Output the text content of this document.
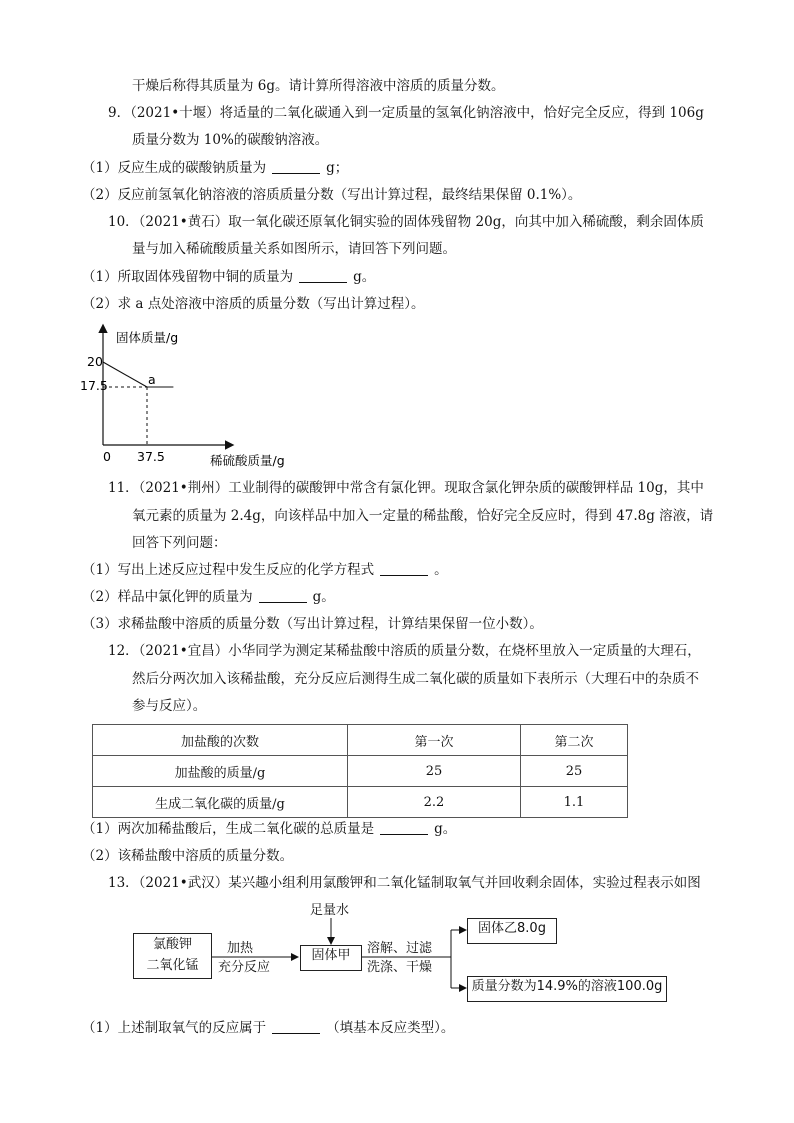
干燥后称得其质量为 6g。请计算所得溶液中溶质的质量分数。
9．（2021•十堰）将适量的二氧化碳通入到一定质量的氢氧化钠溶液中，恰好完全反应，得到 106g
质量分数为 10%的碳酸钠溶液。
（1）反应生成的碳酸钠质量为	g；
（2）反应前氢氧化钠溶液的溶质质量分数（写出计算过程，最终结果保留 0.1%）。
10．（2021•黄石）取一氧化碳还原氧化铜实验的固体残留物 20g，向其中加入稀硫酸，剩余固体质
量与加入稀硫酸质量关系如图所示，请回答下列问题。
（1）所取固体残留物中铜的质量为	g。
（2）求 a 点处溶液中溶质的质量分数（写出计算过程）。
固体质量/g
稀硫酸质量/g
20
17.5
0 37.5
a
11．（2021•荆州）工业制得的碳酸钾中常含有氯化钾。现取含氯化钾杂质的碳酸钾样品 10g，其中
氧元素的质量为 2.4g，向该样品中加入一定量的稀盐酸，恰好完全反应时，得到 47.8g 溶液，请
回答下列问题：
（1）写出上述反应过程中发生反应的化学方程式	。
（2）样品中氯化钾的质量为	g。
（3）求稀盐酸中溶质的质量分数（写出计算过程，计算结果保留一位小数）。
12．（2021•宜昌）小华同学为测定某稀盐酸中溶质的质量分数，在烧杯里放入一定质量的大理石，
然后分两次加入该稀盐酸，充分反应后测得生成二氧化碳的质量如下表所示（大理石中的杂质不
参与反应）。
加盐酸的次数	第一次	第二次
加盐酸的质量/g	25	25
生成二氧化碳的质量/g	2.2	1.1
（1）两次加稀盐酸后，生成二氧化碳的总质量是	g。
（2）该稀盐酸中溶质的质量分数。
13．（2021•武汉）某兴趣小组利用氯酸钾和二氧化锰制取氧气并回收剩余固体，实验过程表示如图
氯酸钾
二氧化锰
加热
充分反应
足量水
固体甲	溶解、过滤
洗涤、干燥
固体乙8.0g
质量分数为14.9%的溶液100.0g
（1）上述制取氧气的反应属于	（填基本反应类型）。
